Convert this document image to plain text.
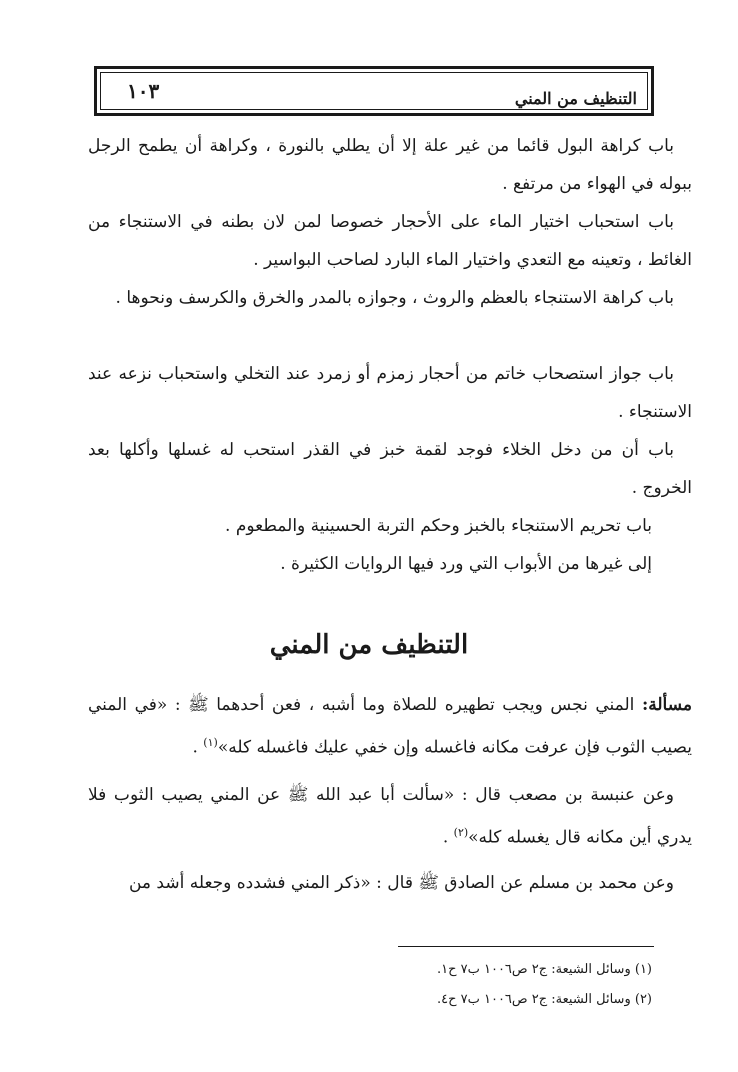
التنظيف من المني
١٠٣

باب كراهة البول قائما من غير علة إلا أن يطلي بالنورة ، وكراهة أن يطمح الرجل ببوله في الهواء من مرتفع .

باب استحباب اختيار الماء على الأحجار خصوصا لمن لان بطنه في الاستنجاء من الغائط ، وتعينه مع التعدي واختيار الماء البارد لصاحب البواسير .

باب كراهة الاستنجاء بالعظم والروث ، وجوازه بالمدر والخرق والكرسف ونحوها .

باب جواز استصحاب خاتم من أحجار زمزم أو زمرد عند التخلي واستحباب نزعه عند الاستنجاء .

باب أن من دخل الخلاء فوجد لقمة خبز في القذر استحب له غسلها وأكلها بعد الخروج .

باب تحريم الاستنجاء بالخبز وحكم التربة الحسينية والمطعوم .

إلى غيرها من الأبواب التي ورد فيها الروايات الكثيرة .

التنظيف من المني

مسألة: المني نجس ويجب تطهيره للصلاة وما أشبه ، فعن أحدهما ﷺ : «في المني يصيب الثوب فإن عرفت مكانه فاغسله وإن خفي عليك فاغسله كله»$^{(١)}$ .

وعن عنبسة بن مصعب قال : «سألت أبا عبد الله ﷺ عن المني يصيب الثوب فلا يدري أين مكانه قال يغسله كله»$^{(٢)}$ .

وعن محمد بن مسلم عن الصادق ﷺ قال : «ذكر المني فشدده وجعله أشد من

(١) وسائل الشيعة: ج٢ ص١٠٠٦ ب٧ ح١.
(٢) وسائل الشيعة: ج٢ ص١٠٠٦ ب٧ ح٤.
